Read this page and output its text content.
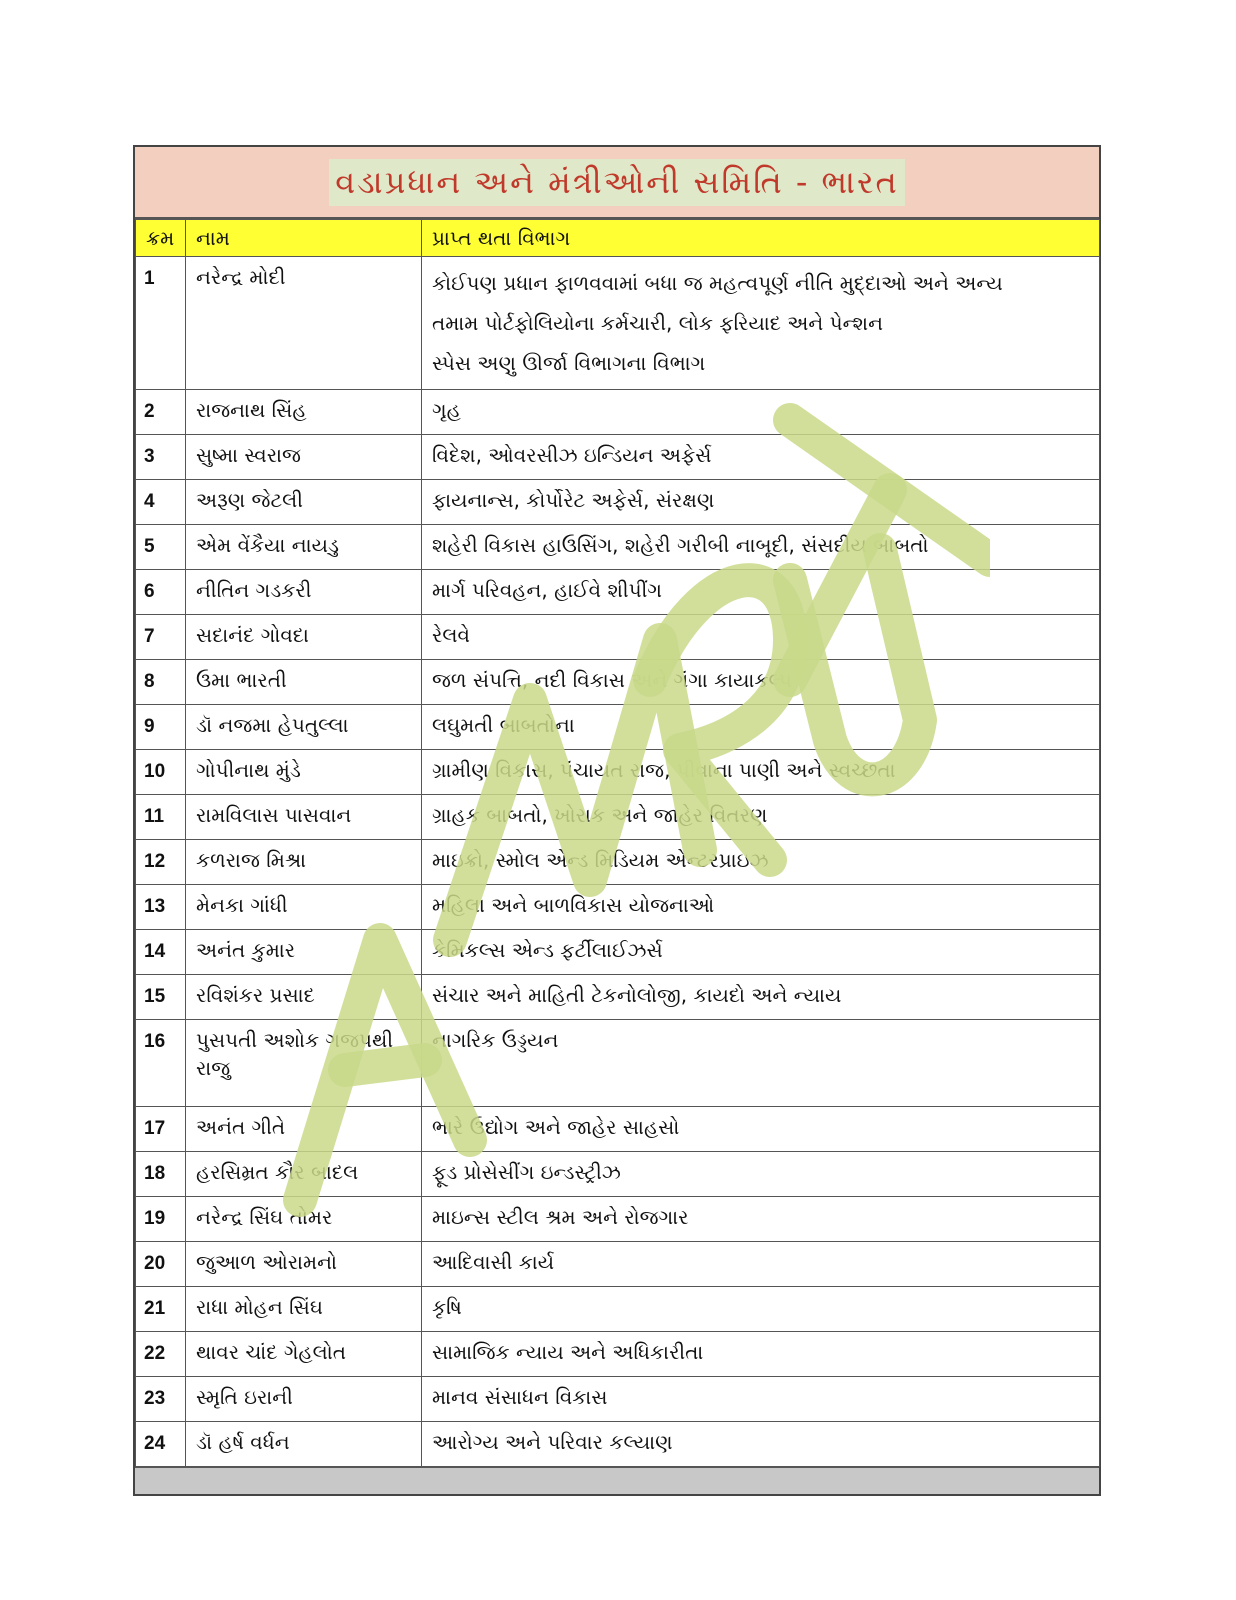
વડાપ્રધાન અને મંત્રીઓની સમિતિ - ભારત
ક્રમ	નામ	પ્રાપ્ત થતા વિભાગ
1	નરેન્દ્ર મોદી	કોઈપણ પ્રધાન ફાળવવામાં બધા જ મહત્વપૂર્ણ નીતિ મુદ્દાઓ અને અન્ય
તમામ પોર્ટફોલિયોના કર્મચારી, લોક ફરિયાદ અને પેન્શન
સ્પેસ અણુ ઊર્જા વિભાગના વિભાગ

2	રાજનાથ સિંહ	ગૃહ
3	સુષ્મા સ્વરાજ	વિદેશ, ઓવરસીઝ ઇન્ડિયન અફેર્સ
4	અરૂણ જેટલી	ફાયનાન્સ, કોર્પોરેટ અફેર્સ, સંરક્ષણ
5	એમ વેંકૈયા નાયડુ	શહેરી વિકાસ હાઉસિંગ, શહેરી ગરીબી નાબૂદી, સંસદીય બાબતો
6	નીતિન ગડકરી	માર્ગ પરિવહન, હાઈવે શીપીંગ
7	સદાનંદ ગોવદા	રેલવે
8	ઉમા ભારતી	જળ સંપત્તિ, નદી વિકાસ અને ગંગા કાયાકલ્પ
9	ડૉ નજમા હેપતુલ્લા	લઘુમતી બાબતોના
10	ગોપીનાથ મુંડે	ગ્રામીણ વિકાસ, પંચાયત રાજ, પીવાના પાણી અને સ્વચ્છતા
11	રામવિલાસ પાસવાન	ગ્રાહક બાબતો, ખોરાક અને જાહેર વિતરણ
12	કળરાજ મિશ્રા	માઇક્રો, સ્મોલ એન્ડ મિડિયમ એન્ટરપ્રાઇઝ
13	મેનકા ગાંધી	મહિલા અને બાળવિકાસ યોજનાઓ
14	અનંત કુમાર	કેમિકલ્સ એન્ડ ફર્ટીલાઈઝર્સ
15	રવિશંકર પ્રસાદ	સંચાર અને માહિતી ટેકનોલોજી, કાયદો અને ન્યાય
16	પુસપતી અશોક ગજપથી રાજુ	નાગરિક ઉડ્ડયન
17	અનંત ગીતે	ભારે ઉદ્યોગ અને જાહેર સાહસો
18	હરસિમ્રત કૌર બાદલ	ફૂડ પ્રોસેસીંગ ઇન્ડસ્ટ્રીઝ
19	નરેન્દ્ર સિંઘ તોમર	માઇન્સ સ્ટીલ શ્રમ અને રોજગાર
20	જુઆળ ઓરામનો	આદિવાસી કાર્ય
21	રાધા મોહન સિંઘ	કૃષિ
22	થાવર ચાંદ ગેહલોત	સામાજિક ન્યાય અને અધિકારીતા
23	સ્મૃતિ ઇરાની	માનવ સંસાધન વિકાસ
24	ડૉ હર્ષ વર્ધન	આરોગ્ય અને પરિવાર કલ્યાણ
